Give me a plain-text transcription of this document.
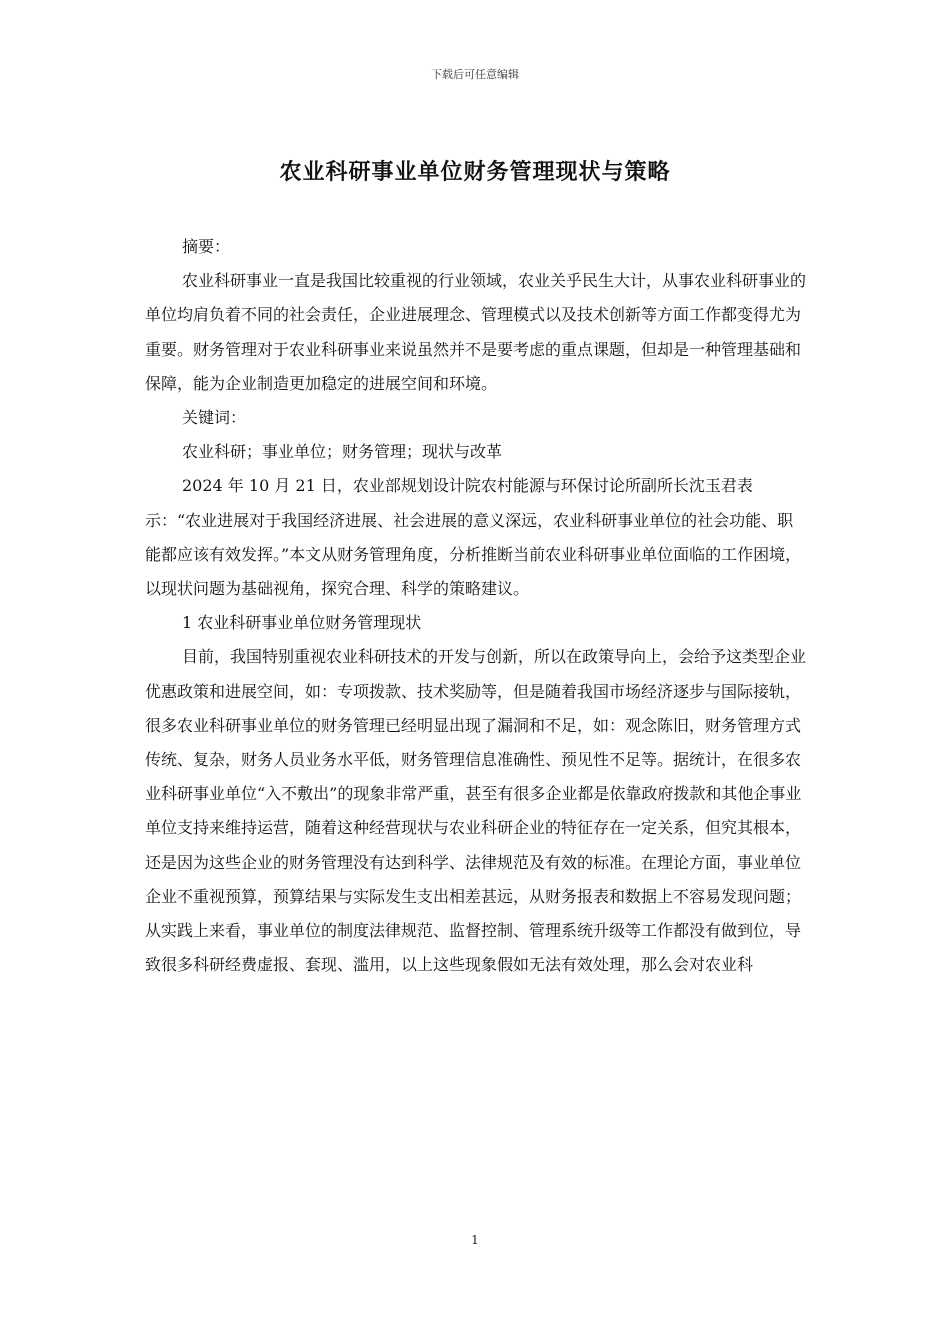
下载后可任意编辑
农业科研事业单位财务管理现状与策略

摘要：

农业科研事业一直是我国比较重视的行业领域，农业关乎民生大计，从事农业科研事业的单位均肩负着不同的社会责任，企业进展理念、管理模式以及技术创新等方面工作都变得尤为重要。财务管理对于农业科研事业来说虽然并不是要考虑的重点课题，但却是一种管理基础和保障，能为企业制造更加稳定的进展空间和环境。

关键词：

农业科研；事业单位；财务管理；现状与改革

2024 年 10 月 21 日，农业部规划设计院农村能源与环保讨论所副所长沈玉君表示：“农业进展对于我国经济进展、社会进展的意义深远，农业科研事业单位的社会功能、职能都应该有效发挥。”本文从财务管理角度，分析推断当前农业科研事业单位面临的工作困境，以现状问题为基础视角，探究合理、科学的策略建议。

1 农业科研事业单位财务管理现状

目前，我国特别重视农业科研技术的开发与创新，所以在政策导向上，会给予这类型企业优惠政策和进展空间，如：专项拨款、技术奖励等，但是随着我国市场经济逐步与国际接轨，很多农业科研事业单位的财务管理已经明显出现了漏洞和不足，如：观念陈旧，财务管理方式传统、复杂，财务人员业务水平低，财务管理信息准确性、预见性不足等。据统计，在很多农业科研事业单位“入不敷出”的现象非常严重，甚至有很多企业都是依靠政府拨款和其他企事业单位支持来维持运营，随着这种经营现状与农业科研企业的特征存在一定关系，但究其根本，还是因为这些企业的财务管理没有达到科学、法律规范及有效的标准。在理论方面，事业单位企业不重视预算，预算结果与实际发生支出相差甚远，从财务报表和数据上不容易发现问题；从实践上来看，事业单位的制度法律规范、监督控制、管理系统升级等工作都没有做到位，导致很多科研经费虚报、套现、滥用，以上这些现象假如无法有效处理，那么会对农业科

1
